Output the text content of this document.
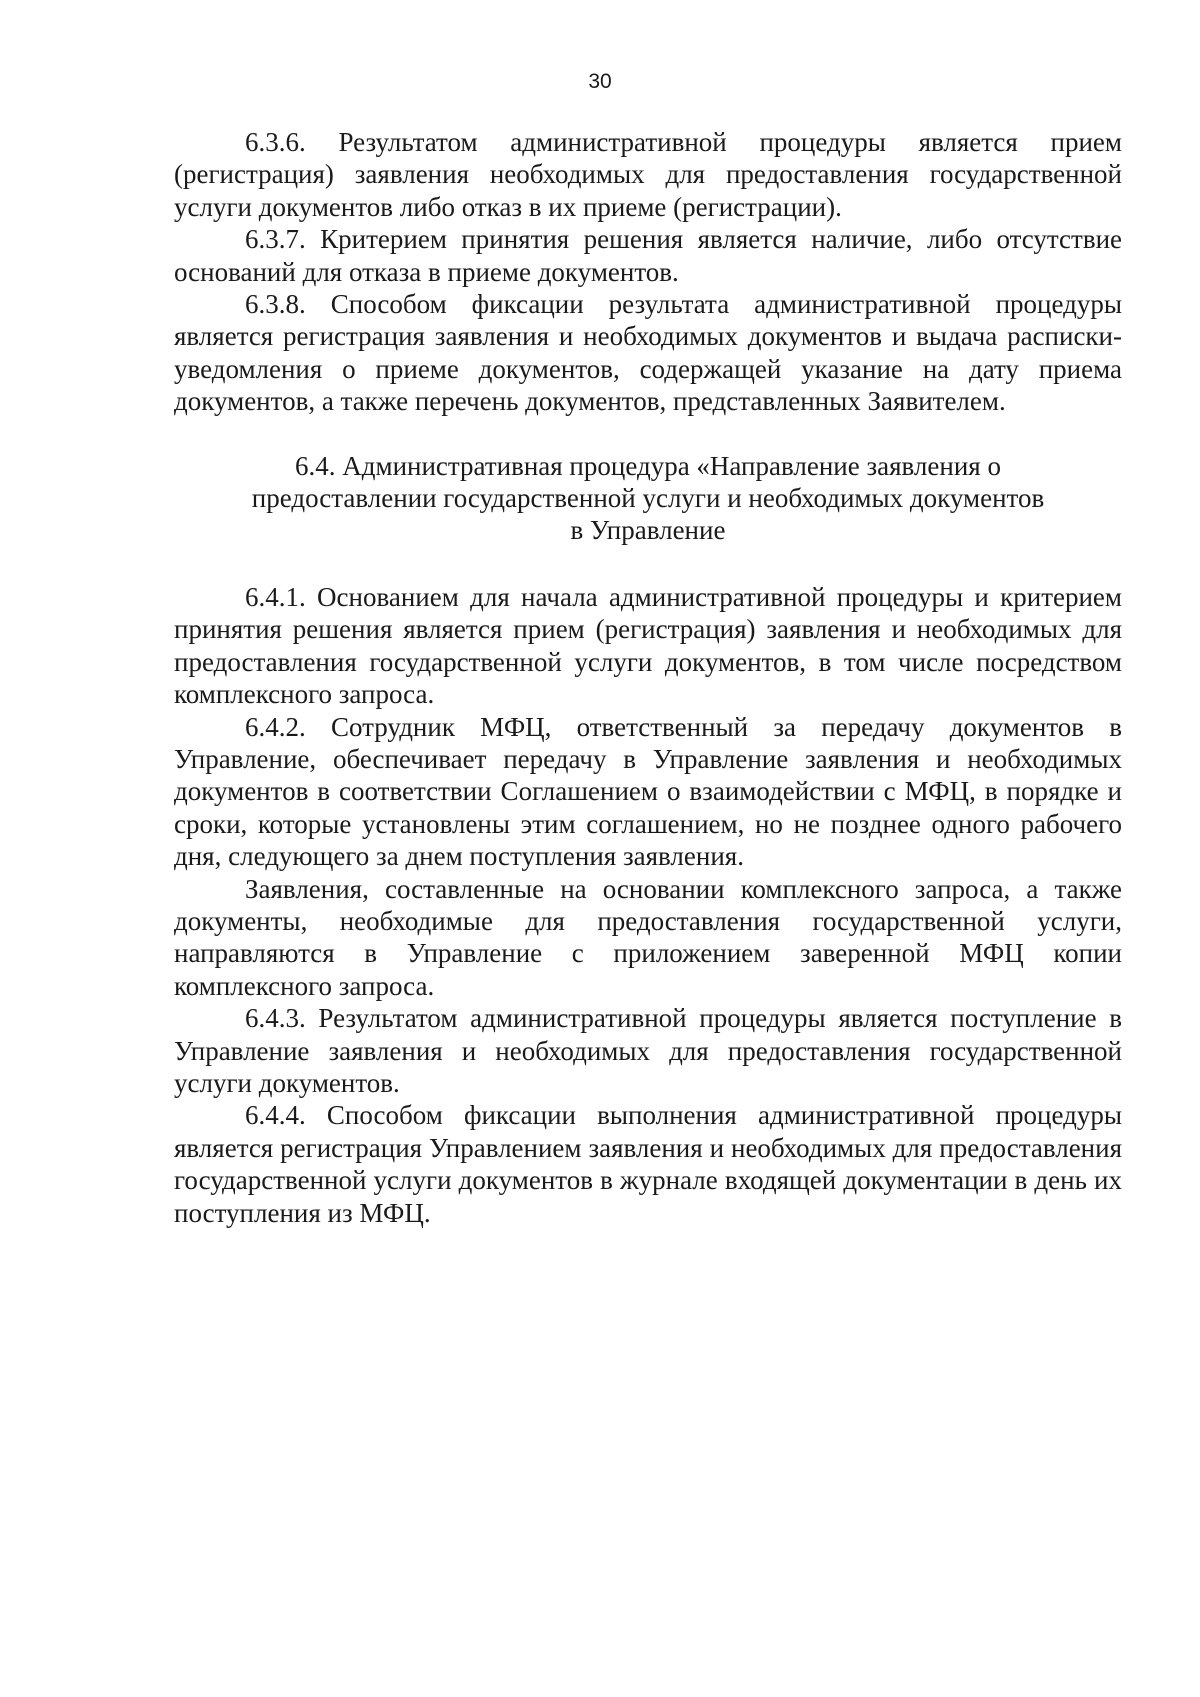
30

6.3.6. Результатом административной процедуры является прием (регистрация) заявления необходимых для предоставления государственной услуги документов либо отказ в их приеме (регистрации).

6.3.7. Критерием принятия решения является наличие, либо отсутствие оснований для отказа в приеме документов.

6.3.8. Способом фиксации результата административной процедуры является регистрация заявления и необходимых документов и выдача расписки-уведомления о приеме документов, содержащей указание на дату приема документов, а также перечень документов, представленных Заявителем.

6.4. Административная процедура «Направление заявления о предоставлении государственной услуги и необходимых документов в Управление

6.4.1. Основанием для начала административной процедуры и критерием принятия решения является прием (регистрация) заявления и необходимых для предоставления государственной услуги документов, в том числе посредством комплексного запроса.

6.4.2. Сотрудник МФЦ, ответственный за передачу документов в Управление, обеспечивает передачу в Управление заявления и необходимых документов в соответствии Соглашением о взаимодействии с МФЦ, в порядке и сроки, которые установлены этим соглашением, но не позднее одного рабочего дня, следующего за днем поступления заявления.

Заявления, составленные на основании комплексного запроса, а также документы, необходимые для предоставления государственной услуги, направляются в Управление с приложением заверенной МФЦ копии комплексного запроса.

6.4.3. Результатом административной процедуры является поступление в Управление заявления и необходимых для предоставления государственной услуги документов.

6.4.4. Способом фиксации выполнения административной процедуры является регистрация Управлением заявления и необходимых для предоставления государственной услуги документов в журнале входящей документации в день их поступления из МФЦ.
